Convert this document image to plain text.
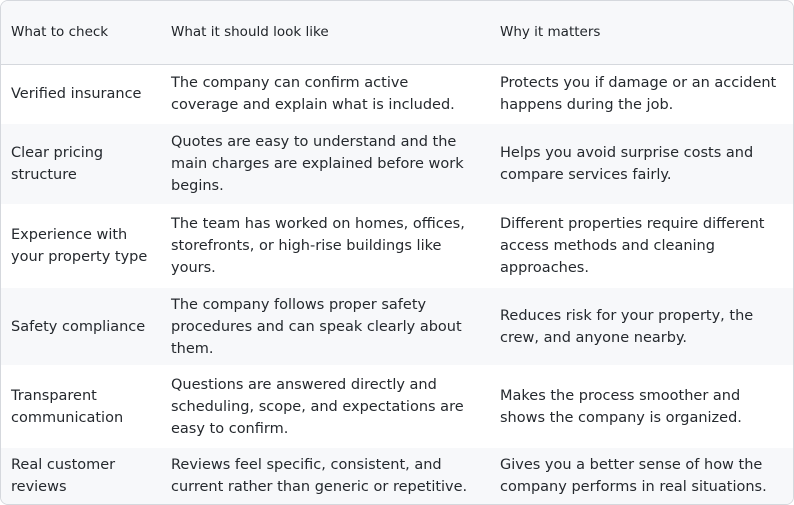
What to check	What it should look like	Why it matters
Verified insurance	The company can confirm active coverage and explain what is included.	Protects you if damage or an accident happens during the job.
Clear pricing structure	Quotes are easy to understand and the main charges are explained before work begins.	Helps you avoid surprise costs and compare services fairly.
Experience with your property type	The team has worked on homes, offices, storefronts, or high-rise buildings like yours.	Different properties require different access methods and cleaning approaches.
Safety compliance	The company follows proper safety procedures and can speak clearly about them.	Reduces risk for your property, the crew, and anyone nearby.
Transparent communication	Questions are answered directly and scheduling, scope, and expectations are easy to confirm.	Makes the process smoother and shows the company is organized.
Real customer reviews	Reviews feel specific, consistent, and current rather than generic or repetitive.	Gives you a better sense of how the company performs in real situations.
